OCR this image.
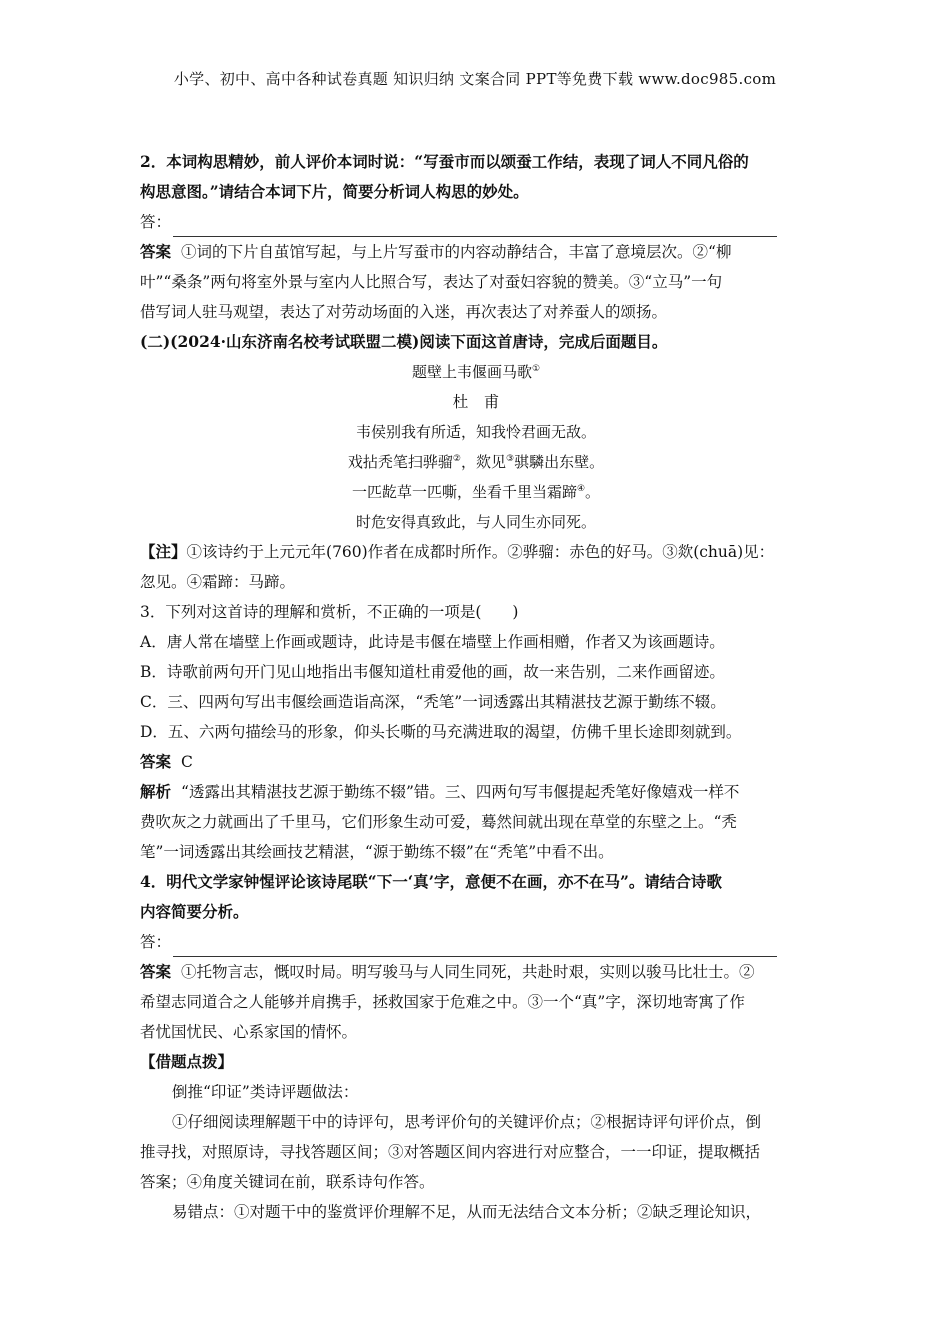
小学、初中、高中各种试卷真题 知识归纳 文案合同 PPT等免费下载 www.doc985.com

2．本词构思精妙，前人评价本词时说：“写蚕市而以颂蚕工作结，表现了词人不同凡俗的

构思意图。”请结合本词下片，简要分析词人构思的妙处。

答：

答案 ①词的下片自茧馆写起，与上片写蚕市的内容动静结合，丰富了意境层次。②“柳

叶”“桑条”两句将室外景与室内人比照合写，表达了对蚕妇容貌的赞美。③“立马”一句

借写词人驻马观望，表达了对劳动场面的入迷，再次表达了对养蚕人的颂扬。

(二)(2024·山东济南名校考试联盟二模)阅读下面这首唐诗，完成后面题目。

题壁上韦偃画马歌①

杜　甫

韦侯别我有所适，知我怜君画无敌。

戏拈秃笔扫骅骝②，欻见③骐驎出东壁。

一匹龁草一匹嘶，坐看千里当霜蹄④。

时危安得真致此，与人同生亦同死。

【注】①该诗约于上元元年(760)作者在成都时所作。②骅骝：赤色的好马。③欻(chuā)见：

忽见。④霜蹄：马蹄。

3．下列对这首诗的理解和赏析，不正确的一项是(　　)

A．唐人常在墙壁上作画或题诗，此诗是韦偃在墙壁上作画相赠，作者又为该画题诗。

B．诗歌前两句开门见山地指出韦偃知道杜甫爱他的画，故一来告别，二来作画留迹。

C．三、四两句写出韦偃绘画造诣高深，“秃笔”一词透露出其精湛技艺源于勤练不辍。

D．五、六两句描绘马的形象，仰头长嘶的马充满进取的渴望，仿佛千里长途即刻就到。

答案 C

解析 “透露出其精湛技艺源于勤练不辍”错。三、四两句写韦偃提起秃笔好像嬉戏一样不

费吹灰之力就画出了千里马，它们形象生动可爱，蓦然间就出现在草堂的东壁之上。“秃

笔”一词透露出其绘画技艺精湛，“源于勤练不辍”在“秃笔”中看不出。

4．明代文学家钟惺评论该诗尾联“下一‘真’字，意便不在画，亦不在马”。请结合诗歌

内容简要分析。

答：

答案 ①托物言志，慨叹时局。明写骏马与人同生同死，共赴时艰，实则以骏马比壮士。②

希望志同道合之人能够并肩携手，拯救国家于危难之中。③一个“真”字，深切地寄寓了作

者忧国忧民、心系家国的情怀。

【借题点拨】

倒推“印证”类诗评题做法：

①仔细阅读理解题干中的诗评句，思考评价句的关键评价点；②根据诗评句评价点，倒

推寻找，对照原诗，寻找答题区间；③对答题区间内容进行对应整合，一一印证，提取概括

答案；④角度关键词在前，联系诗句作答。

易错点：①对题干中的鉴赏评价理解不足，从而无法结合文本分析；②缺乏理论知识，
